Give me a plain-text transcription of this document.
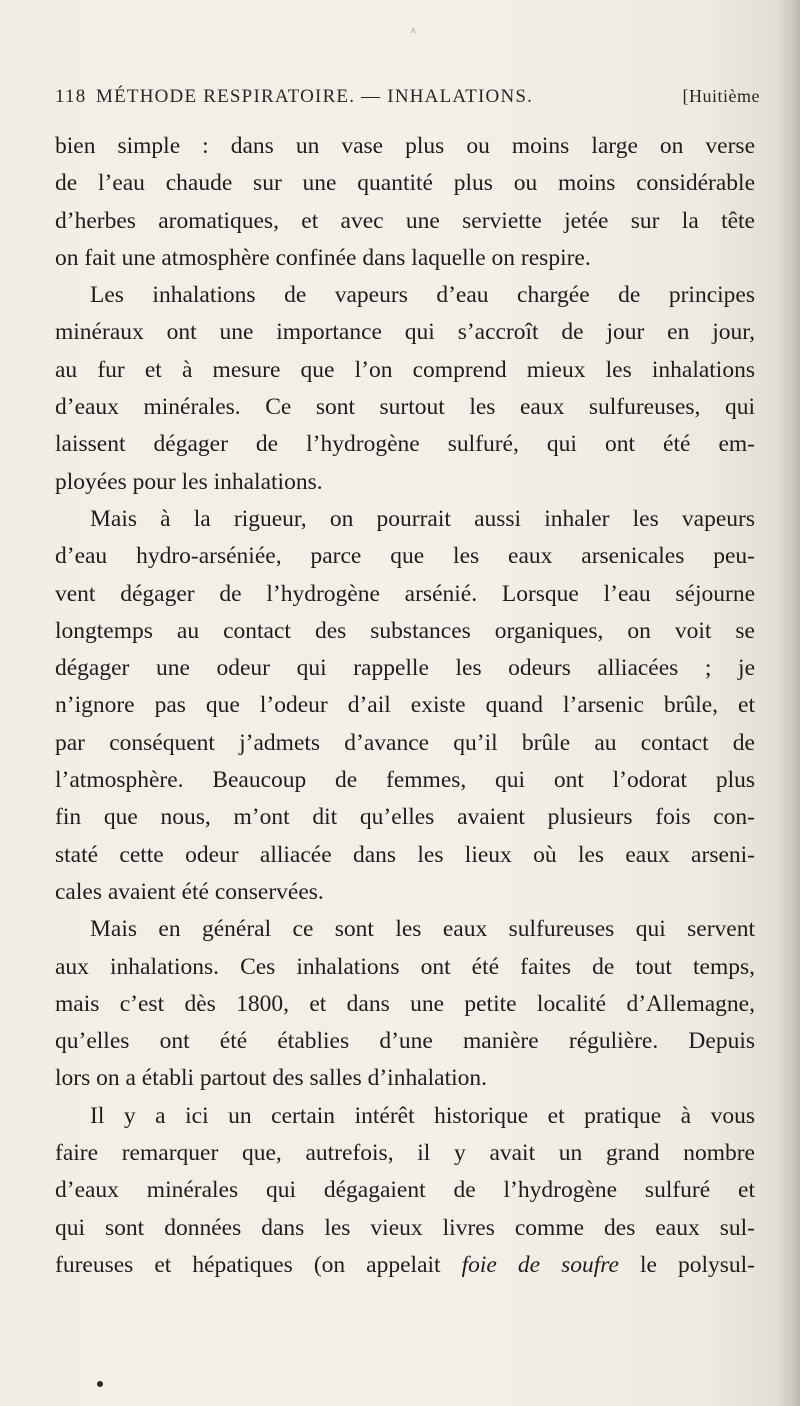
^
118 MÉTHODE RESPIRATOIRE. — INHALATIONS.	[Huitième
bien simple : dans un vase plus ou moins large on verse
de l’eau chaude sur une quantité plus ou moins considérable
d’herbes aromatiques, et avec une serviette jetée sur la tête
on fait une atmosphère confinée dans laquelle on respire.
Les inhalations de vapeurs d’eau chargée de principes
minéraux ont une importance qui s’accroît de jour en jour,
au fur et à mesure que l’on comprend mieux les inhalations
d’eaux minérales. Ce sont surtout les eaux sulfureuses, qui
laissent dégager de l’hydrogène sulfuré, qui ont été em-
ployées pour les inhalations.
Mais à la rigueur, on pourrait aussi inhaler les vapeurs
d’eau hydro-arséniée, parce que les eaux arsenicales peu-
vent dégager de l’hydrogène arsénié. Lorsque l’eau séjourne
longtemps au contact des substances organiques, on voit se
dégager une odeur qui rappelle les odeurs alliacées ; je
n’ignore pas que l’odeur d’ail existe quand l’arsenic brûle, et
par conséquent j’admets d’avance qu’il brûle au contact de
l’atmosphère. Beaucoup de femmes, qui ont l’odorat plus
fin que nous, m’ont dit qu’elles avaient plusieurs fois con-
staté cette odeur alliacée dans les lieux où les eaux arseni-
cales avaient été conservées.
Mais en général ce sont les eaux sulfureuses qui servent
aux inhalations. Ces inhalations ont été faites de tout temps,
mais c’est dès 1800, et dans une petite localité d’Allemagne,
qu’elles ont été établies d’une manière régulière. Depuis
lors on a établi partout des salles d’inhalation.
Il y a ici un certain intérêt historique et pratique à vous
faire remarquer que, autrefois, il y avait un grand nombre
d’eaux minérales qui dégagaient de l’hydrogène sulfuré et
qui sont données dans les vieux livres comme des eaux sul-
fureuses et hépatiques (on appelait foie de soufre le polysul-
